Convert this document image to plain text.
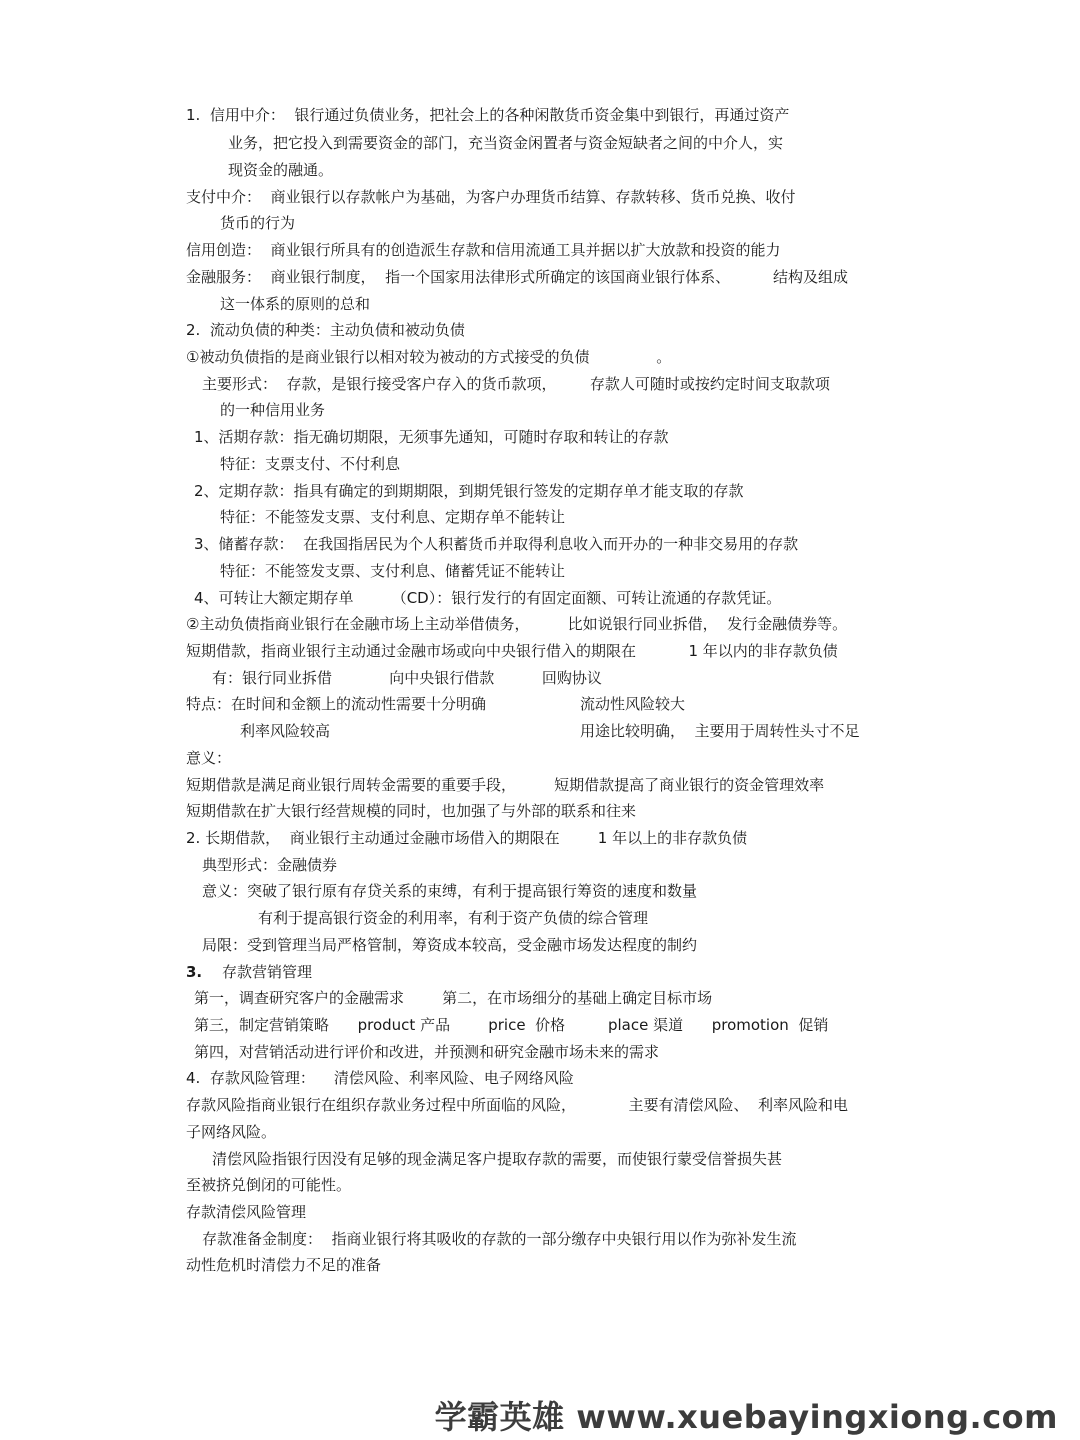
1.  信用中介：  银行通过负债业务，把社会上的各种闲散货币资金集中到银行，再通过资产

业务，把它投入到需要资金的部门，充当资金闲置者与资金短缺者之间的中介人，实

现资金的融通。

支付中介：  商业银行以存款帐户为基础，为客户办理货币结算、存款转移、货币兑换、收付

货币的行为

信用创造：  商业银行所具有的创造派生存款和信用流通工具并据以扩大放款和投资的能力

金融服务：  商业银行制度，  指一个国家用法律形式所确定的该国商业银行体系、         结构及组成

这一体系的原则的总和

2.  流动负债的种类：主动负债和被动负债

①被动负债指的是商业银行以相对较为被动的方式接受的负债              。

主要形式：  存款，是银行接受客户存入的货币款项，       存款人可随时或按约定时间支取款项

的一种信用业务

1、活期存款：指无确切期限，无须事先通知，可随时存取和转让的存款

特征：支票支付、不付利息

2、定期存款：指具有确定的到期期限，到期凭银行签发的定期存单才能支取的存款

特征：不能签发支票、支付利息、定期存单不能转让

3、储蓄存款：  在我国指居民为个人积蓄货币并取得利息收入而开办的一种非交易用的存款

特征：不能签发支票、支付利息、储蓄凭证不能转让

4、可转让大额定期存单        （CD）：银行发行的有固定面额、可转让流通的存款凭证。

②主动负债指商业银行在金融市场上主动举借债务，        比如说银行同业拆借，  发行金融债券等。

短期借款，指商业银行主动通过金融市场或向中央银行借入的期限在           1 年以内的非存款负债

有：银行同业拆借            向中央银行借款          回购协议

特点：在时间和金额上的流动性需要十分明确	流动性风险较大

利率风险较高	用途比较明确，  主要用于周转性头寸不足

意义：

短期借款是满足商业银行周转金需要的重要手段，        短期借款提高了商业银行的资金管理效率

短期借款在扩大银行经营规模的同时，也加强了与外部的联系和往来

2. 长期借款，  商业银行主动通过金融市场借入的期限在        1 年以上的非存款负债

典型形式：金融债券

意义：突破了银行原有存贷关系的束缚，有利于提高银行筹资的速度和数量

有利于提高银行资金的利用率，有利于资产负债的综合管理

局限：受到管理当局严格管制，筹资成本较高，受金融市场发达程度的制约

3. 存款营销管理

第一，调查研究客户的金融需求        第二，在市场细分的基础上确定目标市场

第三，制定营销策略      product 产品        price  价格         place 渠道      promotion  促销

第四，对营销活动进行评价和改进，并预测和研究金融市场未来的需求

4.  存款风险管理：    清偿风险、利率风险、电子网络风险

存款风险指商业银行在组织存款业务过程中所面临的风险，           主要有清偿风险、  利率风险和电

子网络风险。

清偿风险指银行因没有足够的现金满足客户提取存款的需要，而使银行蒙受信誉损失甚

至被挤兑倒闭的可能性。

存款清偿风险管理

存款准备金制度：  指商业银行将其吸收的存款的一部分缴存中央银行用以作为弥补发生流

动性危机时清偿力不足的准备

学霸英雄 www.xuebayingxiong.com
